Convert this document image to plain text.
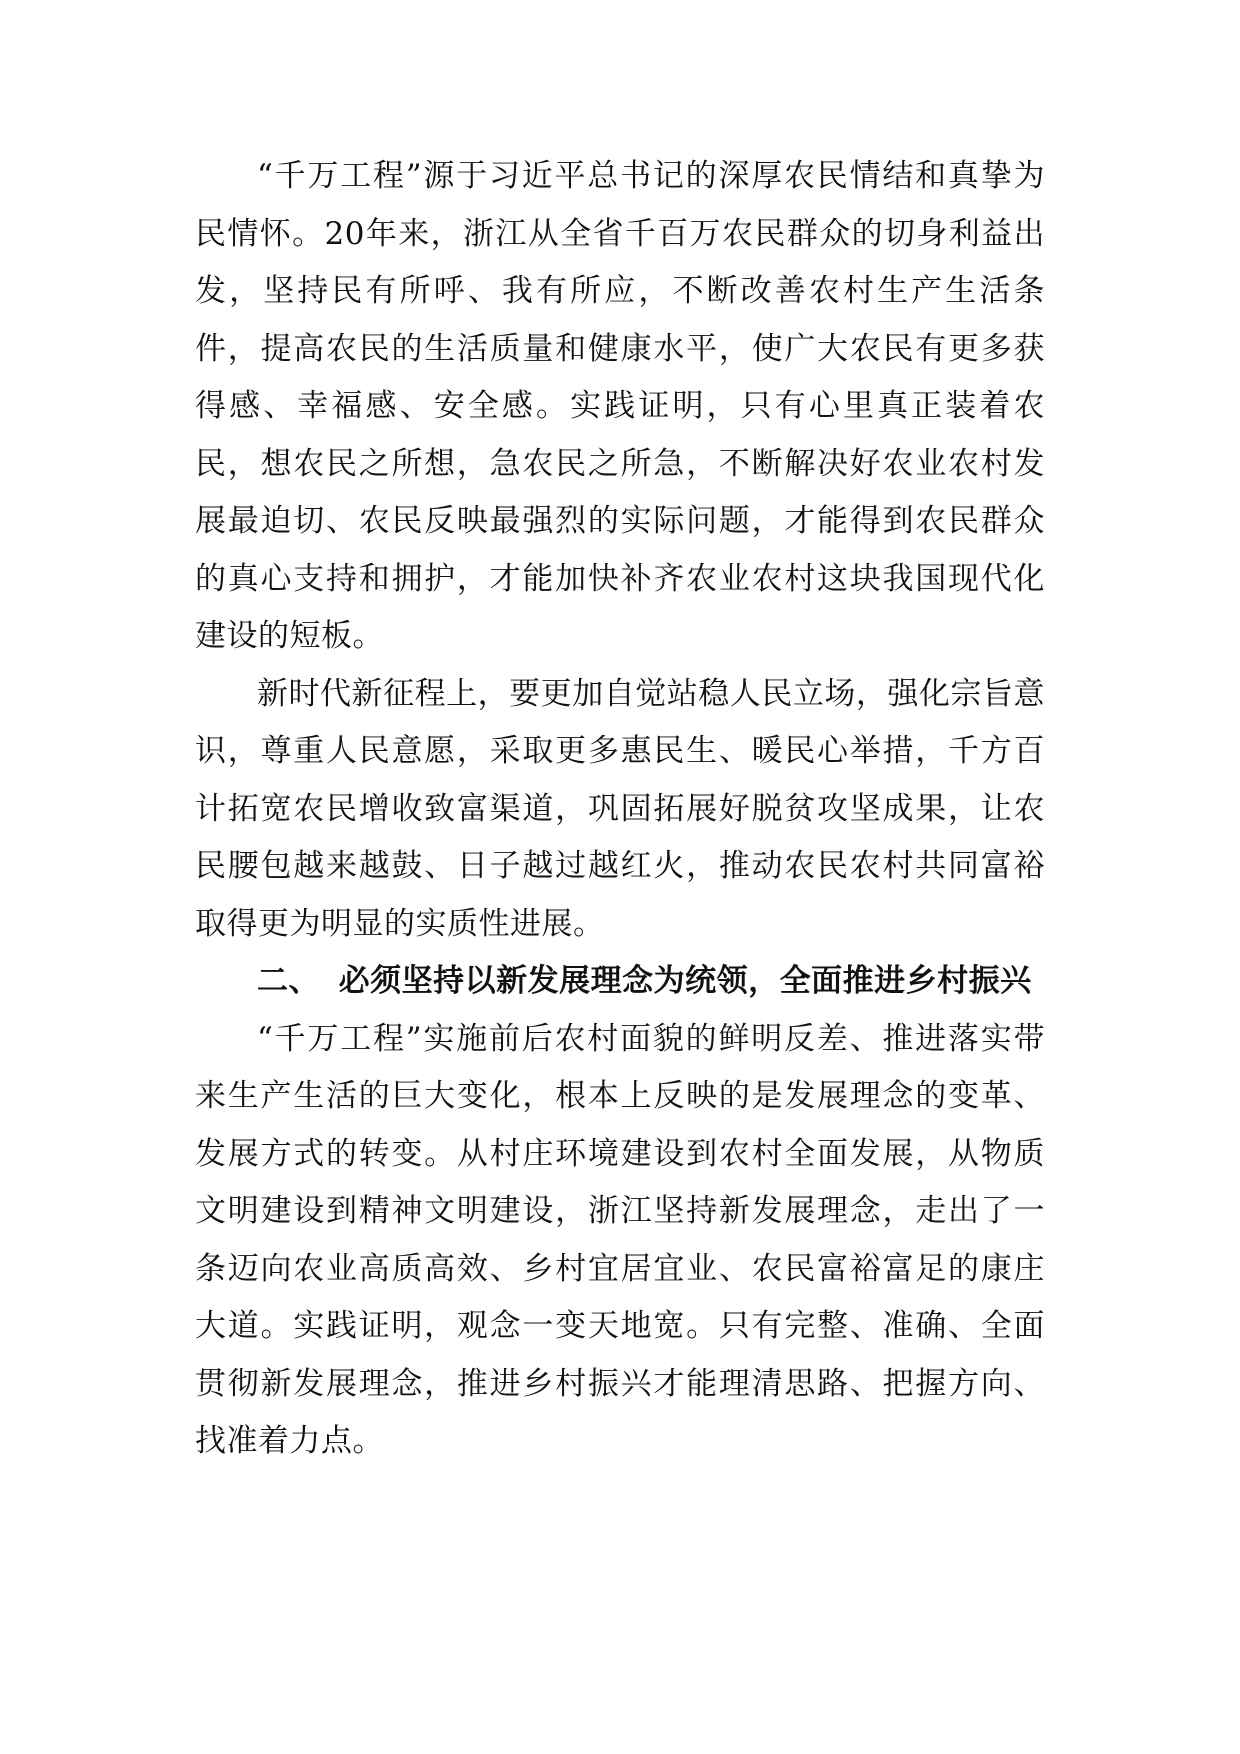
“千万工程”源于习近平总书记的深厚农民情结和真挚为民情怀。20年来，浙江从全省千百万农民群众的切身利益出发，坚持民有所呼、我有所应，不断改善农村生产生活条件，提高农民的生活质量和健康水平，使广大农民有更多获得感、幸福感、安全感。实践证明，只有心里真正装着农民，想农民之所想，急农民之所急，不断解决好农业农村发展最迫切、农民反映最强烈的实际问题，才能得到农民群众的真心支持和拥护，才能加快补齐农业农村这块我国现代化建设的短板。

新时代新征程上，要更加自觉站稳人民立场，强化宗旨意识，尊重人民意愿，采取更多惠民生、暖民心举措，千方百计拓宽农民增收致富渠道，巩固拓展好脱贫攻坚成果，让农民腰包越来越鼓、日子越过越红火，推动农民农村共同富裕取得更为明显的实质性进展。

二、 必须坚持以新发展理念为统领，全面推进乡村振兴

“千万工程”实施前后农村面貌的鲜明反差、推进落实带来生产生活的巨大变化，根本上反映的是发展理念的变革、发展方式的转变。从村庄环境建设到农村全面发展，从物质文明建设到精神文明建设，浙江坚持新发展理念，走出了一条迈向农业高质高效、乡村宜居宜业、农民富裕富足的康庄大道。实践证明，观念一变天地宽。只有完整、准确、全面贯彻新发展理念，推进乡村振兴才能理清思路、把握方向、找准着力点。
